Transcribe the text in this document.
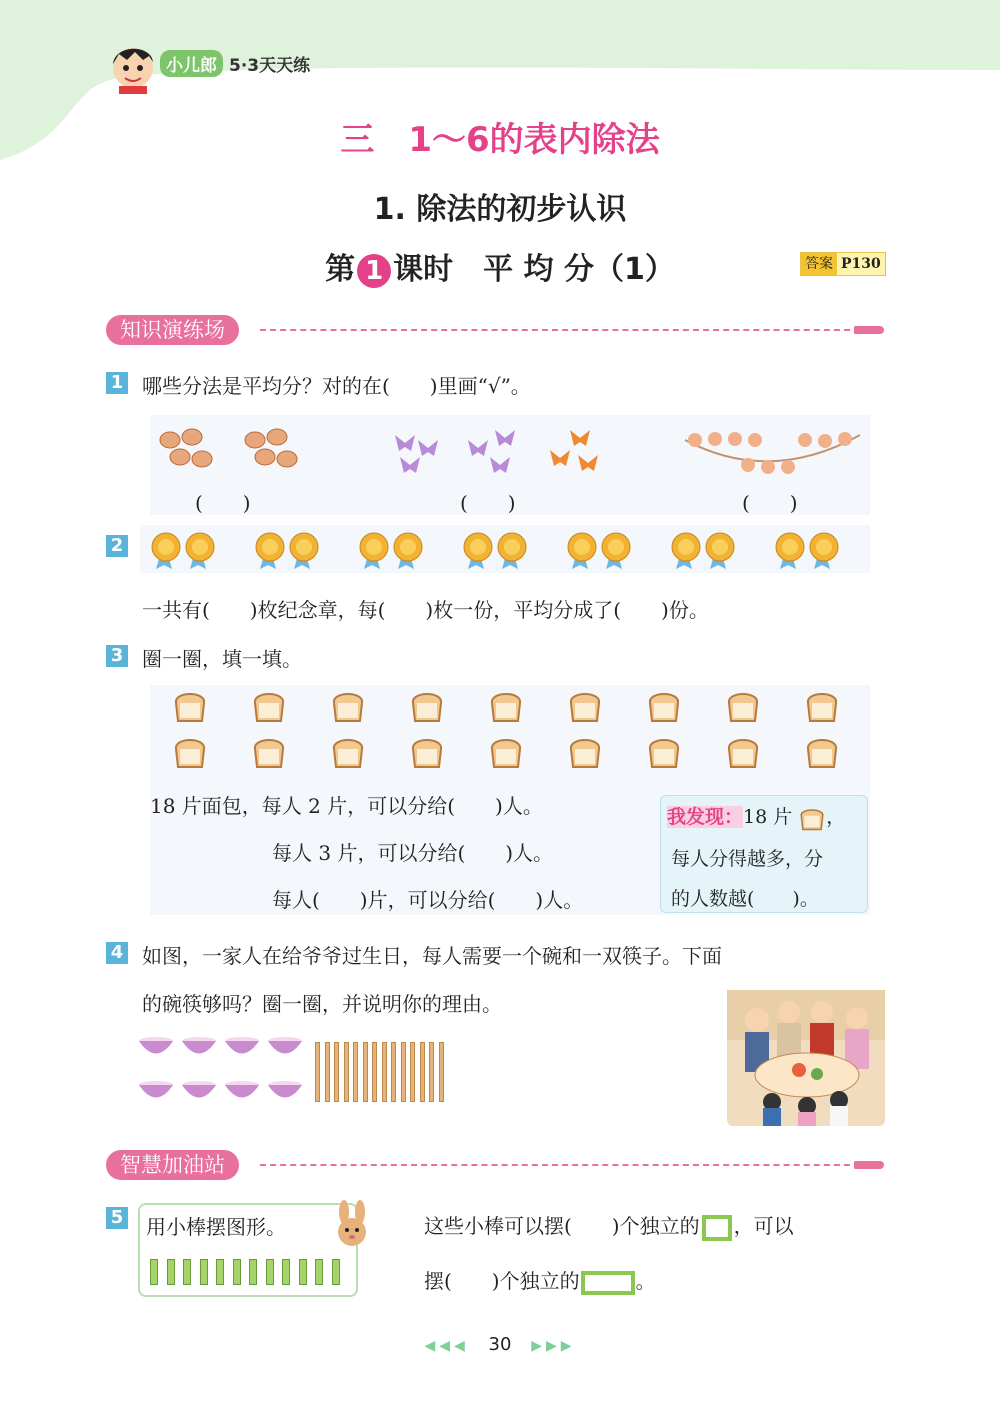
小儿郎 5·3天天练
三　1～6的表内除法
1. 除法的初步认识
第 1 课时　平 均 分（1）	答案 P130
知识演练场
1 哪些分法是平均分？对的在(　　)里画“√”。
(　　)	(　　)	(　　)
2
一共有(　　)枚纪念章，每(　　)枚一份，平均分成了(　　)份。
3 圈一圈，填一填。
18 片面包，每人 2 片，可以分给(　　)人。
每人 3 片，可以分给(　　)人。
每人(　　)片，可以分给(　　)人。
我发现：18 片 ，
每人分得越多，分
的人数越(　　)。
4 如图，一家人在给爷爷过生日，每人需要一个碗和一双筷子。下面
的碗筷够吗？圈一圈，并说明你的理由。
智慧加油站
5 用小棒摆图形。	这些小棒可以摆(　　)个独立的 ，可以
摆(　　)个独立的	。
◀◀◀ 30 ▶▶▶
